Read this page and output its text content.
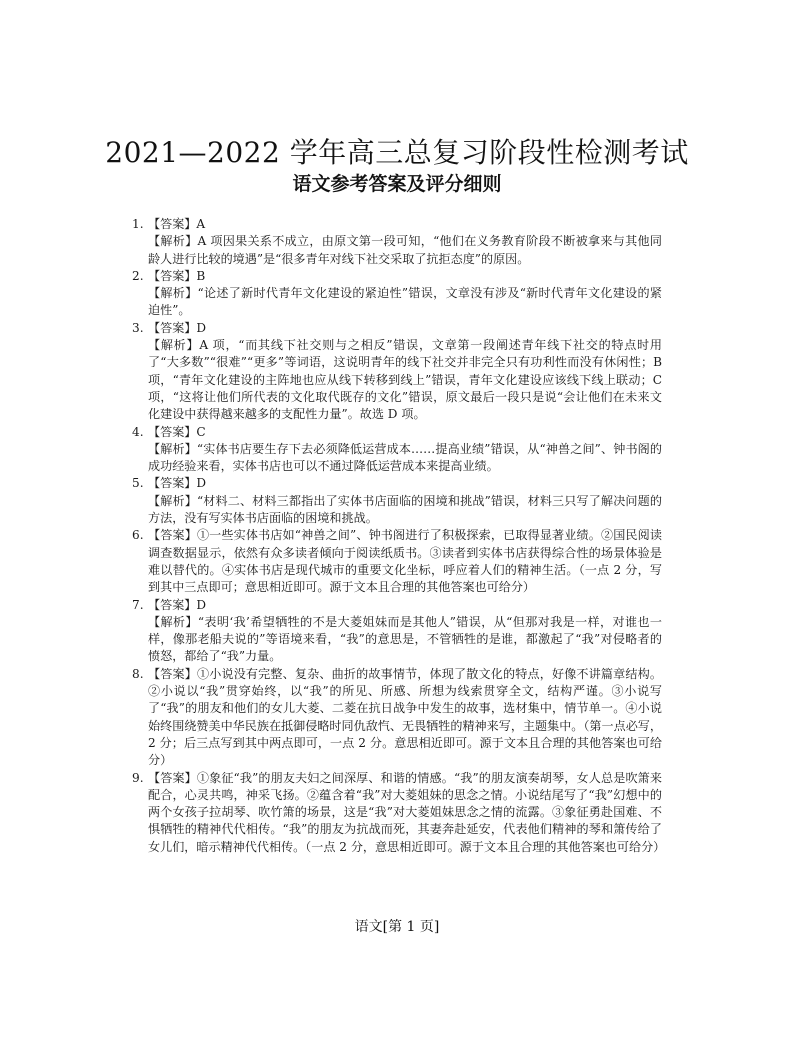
2021—2022 学年高三总复习阶段性检测考试
语文参考答案及评分细则
1. 【答案】A

【解析】A 项因果关系不成立，由原文第一段可知，“他们在义务教育阶段不断被拿来与其他同龄人进行比较的境遇”是“很多青年对线下社交采取了抗拒态度”的原因。

2. 【答案】B

【解析】“论述了新时代青年文化建设的紧迫性”错误，文章没有涉及“新时代青年文化建设的紧迫性”。

3. 【答案】D

【解析】A 项，“而其线下社交则与之相反”错误，文章第一段阐述青年线下社交的特点时用了“大多数”“很难”“更多”等词语，这说明青年的线下社交并非完全只有功利性而没有休闲性；B 项，“青年文化建设的主阵地也应从线下转移到线上”错误，青年文化建设应该线下线上联动；C 项，“这将让他们所代表的文化取代既存的文化”错误，原文最后一段只是说“会让他们在未来文化建设中获得越来越多的支配性力量”。故选 D 项。

4. 【答案】C

【解析】“实体书店要生存下去必须降低运营成本……提高业绩”错误，从“神兽之间”、钟书阁的成功经验来看，实体书店也可以不通过降低运营成本来提高业绩。

5. 【答案】D

【解析】“材料二、材料三都指出了实体书店面临的困境和挑战”错误，材料三只写了解决问题的方法，没有写实体书店面临的困境和挑战。

6. 【答案】①一些实体书店如“神兽之间”、钟书阁进行了积极探索，已取得显著业绩。②国民阅读调查数据显示，依然有众多读者倾向于阅读纸质书。③读者到实体书店获得综合性的场景体验是难以替代的。④实体书店是现代城市的重要文化坐标，呼应着人们的精神生活。（一点 2 分，写到其中三点即可；意思相近即可。源于文本且合理的其他答案也可给分）

7. 【答案】D

【解析】“表明‘我’希望牺牲的不是大菱姐妹而是其他人”错误，从“但那对我是一样，对谁也一样，像那老船夫说的”等语境来看，“我”的意思是，不管牺牲的是谁，都激起了“我”对侵略者的愤怒，都给了“我”力量。

8. 【答案】①小说没有完整、复杂、曲折的故事情节，体现了散文化的特点，好像不讲篇章结构。②小说以“我”贯穿始终，以“我”的所见、所感、所想为线索贯穿全文，结构严谨。③小说写了“我”的朋友和他们的女儿大菱、二菱在抗日战争中发生的故事，选材集中，情节单一。④小说始终围绕赞美中华民族在抵御侵略时同仇敌忾、无畏牺牲的精神来写，主题集中。（第一点必写，2 分；后三点写到其中两点即可，一点 2 分。意思相近即可。源于文本且合理的其他答案也可给分）

9. 【答案】①象征“我”的朋友夫妇之间深厚、和谐的情感。“我”的朋友演奏胡琴，女人总是吹箫来配合，心灵共鸣，神采飞扬。②蕴含着“我”对大菱姐妹的思念之情。小说结尾写了“我”幻想中的两个女孩子拉胡琴、吹竹箫的场景，这是“我”对大菱姐妹思念之情的流露。③象征勇赴国难、不惧牺牲的精神代代相传。“我”的朋友为抗战而死，其妻奔赴延安，代表他们精神的琴和箫传给了女儿们，暗示精神代代相传。（一点 2 分，意思相近即可。源于文本且合理的其他答案也可给分）

语文[第 1 页]
